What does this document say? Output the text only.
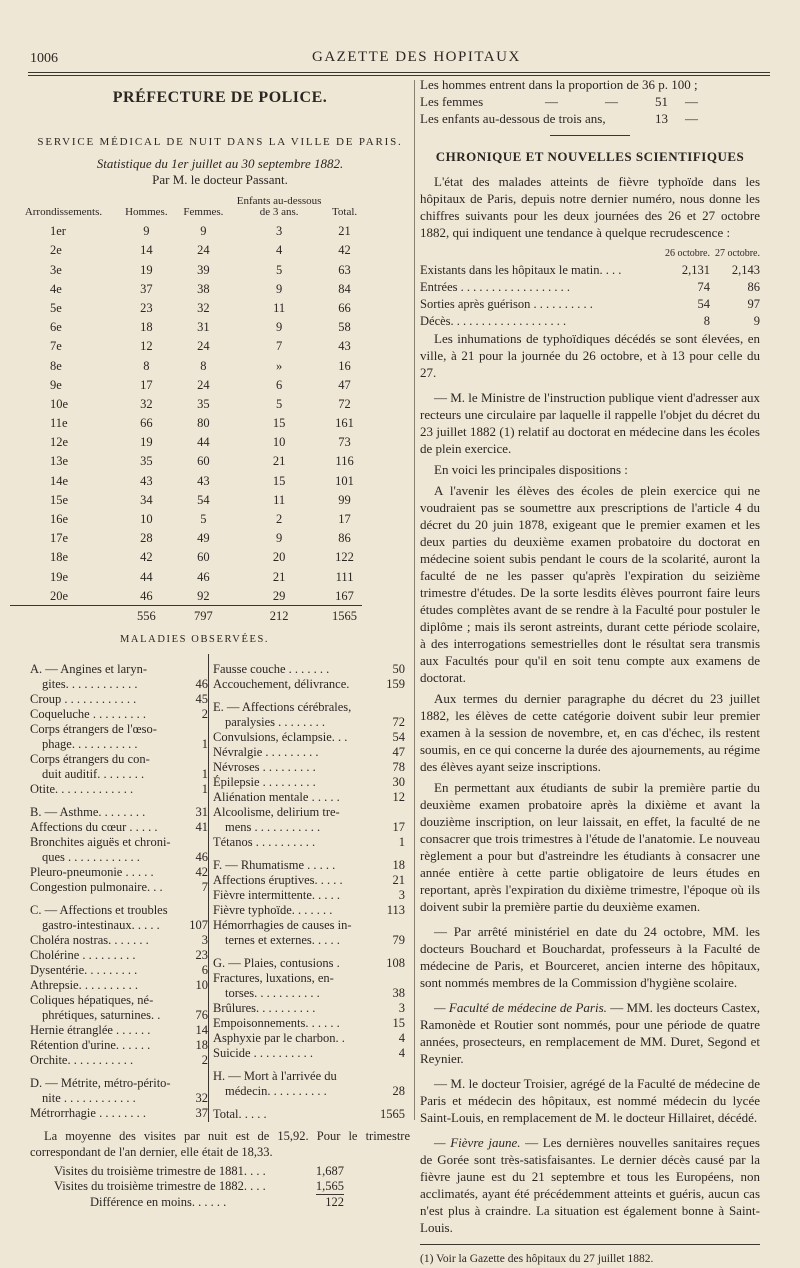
1006	GAZETTE DES HOPITAUX
PRÉFECTURE DE POLICE.
SERVICE MÉDICAL DE NUIT DANS LA VILLE DE PARIS.
Statistique du 1er juillet au 30 septembre 1882.
Par M. le docteur Passant.
Arrondissements.	Hommes.	Femmes.	Enfants au-dessous de 3 ans.	Total.
1er	9	9	3	21
2e	14	24	4	42
3e	19	39	5	63
4e	37	38	9	84
5e	23	32	11	66
6e	18	31	9	58
7e	12	24	7	43
8e	8	8	»	16
9e	17	24	6	47
10e	32	35	5	72
11e	66	80	15	161
12e	19	44	10	73
13e	35	60	21	116
14e	43	43	15	101
15e	34	54	11	99
16e	10	5	2	17
17e	28	49	9	86
18e	42	60	20	122
19e	44	46	21	111
20e	46	92	29	167
	556	797	212	1565
MALADIES OBSERVÉES.
A. — Angines et laryn-
gites. . . . . . . . . . . .	46
Croup . . . . . . . . . . . .	45
Coqueluche . . . . . . . . .	2
Corps étrangers de l'œso-
phage. . . . . . . . . . .	1
Corps étrangers du con-
duit auditif. . . . . . . .	1
Otite. . . . . . . . . . . . .	1
B. — Asthme. . . . . . . .	31
Affections du cœur . . . . .	41
Bronchites aiguës et chroni-
ques . . . . . . . . . . . .	46
Pleuro-pneumonie . . . . .	42
Congestion pulmonaire. . .	7
C. — Affections et troubles
gastro-intestinaux. . . . . 107
Choléra nostras. . . . . . .	3
Cholérine . . . . . . . . .	23
Dysentérie. . . . . . . . .	6
Athrepsie. . . . . . . . . .	10
Coliques hépatiques, né-
phrétiques, saturnines. .	76
Hernie étranglée . . . . . .	14
Rétention d'urine. . . . . .	18
Orchite. . . . . . . . . . .	2
D. — Métrite, métro-périto-
nite . . . . . . . . . . . .	32
Métrorrhagie . . . . . . . .	37
Fausse couche . . . . . . .	50
Accouchement, délivrance.	159
E. — Affections cérébrales,
paralysies . . . . . . . .	72
Convulsions, éclampsie. . .	54
Névralgie . . . . . . . . .	47
Névroses . . . . . . . . .	78
Épilepsie . . . . . . . . .	30
Aliénation mentale . . . . .	12
Alcoolisme, delirium tre-
mens . . . . . . . . . . .	17
Tétanos . . . . . . . . . .	1
F. — Rhumatisme . . . . .	18
Affections éruptives. . . . .	21
Fièvre intermittente. . . . .	3
Fièvre typhoïde. . . . . . .	113
Hémorrhagies de causes in-
ternes et externes. . . . .	79
G. — Plaies, contusions .	108
Fractures, luxations, en-
torses. . . . . . . . . . .	38
Brûlures. . . . . . . . . .	3
Empoisonnements. . . . . .	15
Asphyxie par le charbon. .	4
Suicide . . . . . . . . . .	4
H. — Mort à l'arrivée du
médecin. . . . . . . . . .	28
Total. . . . .	1565
La moyenne des visites par nuit est de 15,92. Pour le trimestre correspondant de l'an dernier, elle était de 18,33.
Visites du troisième trimestre de 1881. . . .	1,687
Visites du troisième trimestre de 1882. . . .	1,565
Différence en moins. . . . . .	122
Les hommes entrent dans la proportion de 36 p. 100 ;
Les femmes	—	—	51	—
Les enfants au-dessous de trois ans,	13	—
CHRONIQUE ET NOUVELLES SCIENTIFIQUES
L'état des malades atteints de fièvre typhoïde dans les hôpitaux de Paris, depuis notre dernier numéro, nous donne les chiffres suivants pour les deux journées des 26 et 27 octobre 1882, qui indiquent une tendance à quelque recrudescence :
	26 octobre.	27 octobre.
Existants dans les hôpitaux le matin. . . .	2,131	2,143
Entrées . . . . . . . . . . . . . . . . . .	74	86
Sorties après guérison . . . . . . . . . .	54	97
Décès. . . . . . . . . . . . . . . . . . .	8	9
Les inhumations de typhoïdiques décédés se sont élevées, en ville, à 21 pour la journée du 26 octobre, et à 13 pour celle du 27.
— M. le Ministre de l'instruction publique vient d'adresser aux recteurs une circulaire par laquelle il rappelle l'objet du décret du 23 juillet 1882 (1) relatif au doctorat en médecine dans les écoles de plein exercice.
En voici les principales dispositions :
A l'avenir les élèves des écoles de plein exercice qui ne voudraient pas se soumettre aux prescriptions de l'article 4 du décret du 20 juin 1878, exigeant que le premier examen et les deux parties du deuxième examen probatoire du doctorat en médecine soient subis pendant le cours de la scolarité, auront la faculté de ne les passer qu'après l'expiration du seizième trimestre d'études. De la sorte lesdits élèves pourront faire leurs études complètes avant de se rendre à la Faculté pour postuler le diplôme ; mais ils seront astreints, durant cette période scolaire, à des interrogations semestrielles dont le résultat sera transmis aux Facultés pour qu'il en soit tenu compte aux examens de doctorat.
Aux termes du dernier paragraphe du décret du 23 juillet 1882, les élèves de cette catégorie doivent subir leur premier examen à la session de novembre, et, en cas d'échec, ils restent soumis, en ce qui concerne la durée des ajournements, au régime des élèves ayant seize inscriptions.
En permettant aux étudiants de subir la première partie du deuxième examen probatoire après la dixième et avant la douzième inscription, on leur laissait, en effet, la faculté de ne consacrer que trois trimestres à l'étude de l'anatomie. Le nouveau règlement a pour but d'astreindre les étudiants à consacrer une année entière à cette partie obligatoire de leurs études en reportant, après l'expiration du dixième trimestre, l'époque où ils doivent subir la première partie du deuxième examen.
— Par arrêté ministériel en date du 24 octobre, MM. les docteurs Bouchard et Bouchardat, professeurs à la Faculté de médecine de Paris, et Bourceret, ancien interne des hôpitaux, sont nommés membres de la Commission d'hygiène scolaire.
— Faculté de médecine de Paris. — MM. les docteurs Castex, Ramonède et Routier sont nommés, pour une période de quatre années, prosecteurs, en remplacement de MM. Duret, Segond et Reynier.
— M. le docteur Troisier, agrégé de la Faculté de médecine de Paris et médecin des hôpitaux, est nommé médecin du lycée Saint-Louis, en remplacement de M. le docteur Hillairet, décédé.
— Fièvre jaune. — Les dernières nouvelles sanitaires reçues de Gorée sont très-satisfaisantes. Le dernier décès causé par la fièvre jaune est du 21 septembre et tous les Européens, non acclimatés, ayant été précédemment atteints et guéris, aucun cas n'est plus à craindre. La situation est également bonne à Saint-Louis.
(1) Voir la Gazette des hôpitaux du 27 juillet 1882.
